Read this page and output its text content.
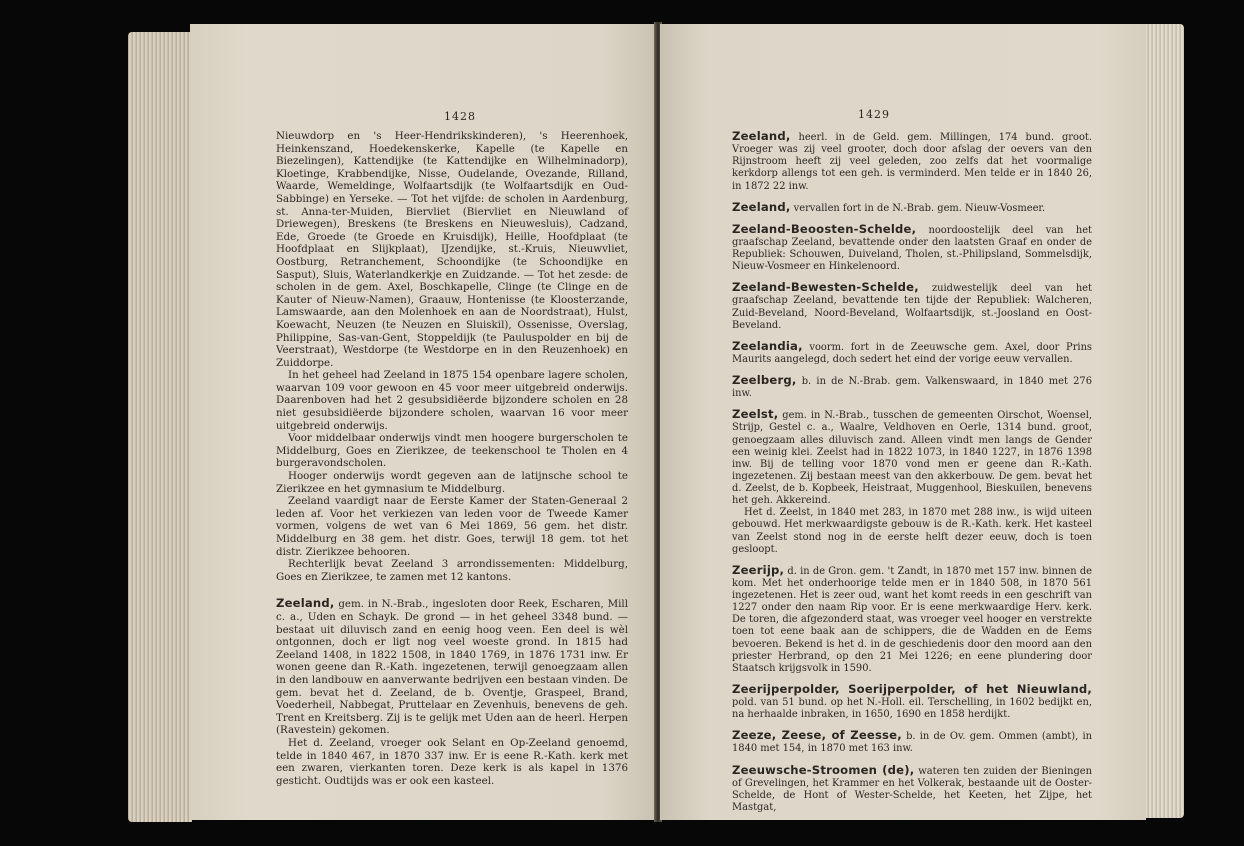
1428

Nieuwdorp en 's Heer-Hendrikskinderen), 's Heerenhoek, Heinkenszand, Hoedekenskerke, Kapelle (te Kapelle en Biezelingen), Kattendijke (te Kattendijke en Wilhelminadorp), Kloetinge, Krabbendijke, Nisse, Oudelande, Ovezande, Rilland, Waarde, Wemeldinge, Wolfaartsdijk (te Wolfaartsdijk en Oud-Sabbinge) en Yerseke. — Tot het vijfde: de scholen in Aardenburg, st. Anna-ter-Muiden, Biervliet (Biervliet en Nieuwland of Driewegen), Breskens (te Breskens en Nieuwesluis), Cadzand, Ede, Groede (te Groede en Kruisdijk), Heille, Hoofdplaat (te Hoofdplaat en Slijkplaat), IJzendijke, st.-Kruis, Nieuwvliet, Oostburg, Retranchement, Schoondijke (te Schoondijke en Sasput), Sluis, Waterlandkerkje en Zuidzande. — Tot het zesde: de scholen in de gem. Axel, Boschkapelle, Clinge (te Clinge en de Kauter of Nieuw-Namen), Graauw, Hontenisse (te Kloosterzande, Lamswaarde, aan den Molenhoek en aan de Noordstraat), Hulst, Koewacht, Neuzen (te Neuzen en Sluiskil), Ossenisse, Overslag, Philippine, Sas-van-Gent, Stoppeldijk (te Pauluspolder en bij de Veerstraat), Westdorpe (te Westdorpe en in den Reuzenhoek) en Zuiddorpe.

In het geheel had Zeeland in 1875 154 openbare lagere scholen, waarvan 109 voor gewoon en 45 voor meer uitgebreid onderwijs. Daarenboven had het 2 gesubsidiëerde bijzondere scholen en 28 niet gesubsidiëerde bijzondere scholen, waarvan 16 voor meer uitgebreid onderwijs.

Voor middelbaar onderwijs vindt men hoogere burgerscholen te Middelburg, Goes en Zierikzee, de teekenschool te Tholen en 4 burgeravondscholen.

Hooger onderwijs wordt gegeven aan de latijnsche school te Zierikzee en het gymnasium te Middelburg.

Zeeland vaardigt naar de Eerste Kamer der Staten-Generaal 2 leden af. Voor het verkiezen van leden voor de Tweede Kamer vormen, volgens de wet van 6 Mei 1869, 56 gem. het distr. Middelburg en 38 gem. het distr. Goes, terwijl 18 gem. tot het distr. Zierikzee behooren.

Rechterlijk bevat Zeeland 3 arrondissementen: Middelburg, Goes en Zierikzee, te zamen met 12 kantons.

Zeeland, gem. in N.-Brab., ingesloten door Reek, Escharen, Mill c. a., Uden en Schayk. De grond — in het geheel 3348 bund. — bestaat uit diluvisch zand en eenig hoog veen. Een deel is wèl ontgonnen, doch er ligt nog veel woeste grond. In 1815 had Zeeland 1408, in 1822 1508, in 1840 1769, in 1876 1731 inw. Er wonen geene dan R.-Kath. ingezetenen, terwijl genoegzaam allen in den landbouw en aanverwante bedrijven een bestaan vinden. De gem. bevat het d. Zeeland, de b. Oventje, Graspeel, Brand, Voederheil, Nabbegat, Pruttelaar en Zevenhuis, benevens de geh. Trent en Kreitsberg. Zij is te gelijk met Uden aan de heerl. Herpen (Ravestein) gekomen.

Het d. Zeeland, vroeger ook Selant en Op-Zeeland genoemd, telde in 1840 467, in 1870 337 inw. Er is eene R.-Kath. kerk met een zwaren, vierkanten toren. Deze kerk is als kapel in 1376 gesticht. Oudtijds was er ook een kasteel.

1429

Zeeland, heerl. in de Geld. gem. Millingen, 174 bund. groot. Vroeger was zij veel grooter, doch door afslag der oevers van den Rijnstroom heeft zij veel geleden, zoo zelfs dat het voormalige kerkdorp allengs tot een geh. is verminderd. Men telde er in 1840 26, in 1872 22 inw.

Zeeland, vervallen fort in de N.-Brab. gem. Nieuw-Vosmeer.

Zeeland-Beoosten-Schelde, noordoostelijk deel van het graafschap Zeeland, bevattende onder den laatsten Graaf en onder de Republiek: Schouwen, Duiveland, Tholen, st.-Philipsland, Sommelsdijk, Nieuw-Vosmeer en Hinkelenoord.

Zeeland-Bewesten-Schelde, zuidwestelijk deel van het graafschap Zeeland, bevattende ten tijde der Republiek: Walcheren, Zuid-Beveland, Noord-Beveland, Wolfaartsdijk, st.-Joosland en Oost-Beveland.

Zeelandia, voorm. fort in de Zeeuwsche gem. Axel, door Prins Maurits aangelegd, doch sedert het eind der vorige eeuw vervallen.

Zeelberg, b. in de N.-Brab. gem. Valkenswaard, in 1840 met 276 inw.

Zeelst, gem. in N.-Brab., tusschen de gemeenten Oirschot, Woensel, Strijp, Gestel c. a., Waalre, Veldhoven en Oerle, 1314 bund. groot, genoegzaam alles diluvisch zand. Alleen vindt men langs de Gender een weinig klei. Zeelst had in 1822 1073, in 1840 1227, in 1876 1398 inw. Bij de telling voor 1870 vond men er geene dan R.-Kath. ingezetenen. Zij bestaan meest van den akkerbouw. De gem. bevat het d. Zeelst, de b. Kopbeek, Heistraat, Muggenhool, Bieskuilen, benevens het geh. Akkereind.

Het d. Zeelst, in 1840 met 283, in 1870 met 288 inw., is wijd uiteen gebouwd. Het merkwaardigste gebouw is de R.-Kath. kerk. Het kasteel van Zeelst stond nog in de eerste helft dezer eeuw, doch is toen gesloopt.

Zeerijp, d. in de Gron. gem. 't Zandt, in 1870 met 157 inw. binnen de kom. Met het onderhoorige telde men er in 1840 508, in 1870 561 ingezetenen. Het is zeer oud, want het komt reeds in een geschrift van 1227 onder den naam Rip voor. Er is eene merkwaardige Herv. kerk. De toren, die afgezonderd staat, was vroeger veel hooger en verstrekte toen tot eene baak aan de schippers, die de Wadden en de Eems bevoeren. Bekend is het d. in de geschiedenis door den moord aan den priester Herbrand, op den 21 Mei 1226; en eene plundering door Staatsch krijgsvolk in 1590.

Zeerijperpolder, Soerijperpolder, of het Nieuwland, pold. van 51 bund. op het N.-Holl. eil. Terschelling, in 1602 bedijkt en, na herhaalde inbraken, in 1650, 1690 en 1858 herdijkt.

Zeeze, Zeese, of Zeesse, b. in de Ov. gem. Ommen (ambt), in 1840 met 154, in 1870 met 163 inw.

Zeeuwsche-Stroomen (de), wateren ten zuiden der Bieningen of Grevelingen, het Krammer en het Volkerak, bestaande uit de Ooster-Schelde, de Hont of Wester-Schelde, het Keeten, het Zijpe, het Mastgat,
